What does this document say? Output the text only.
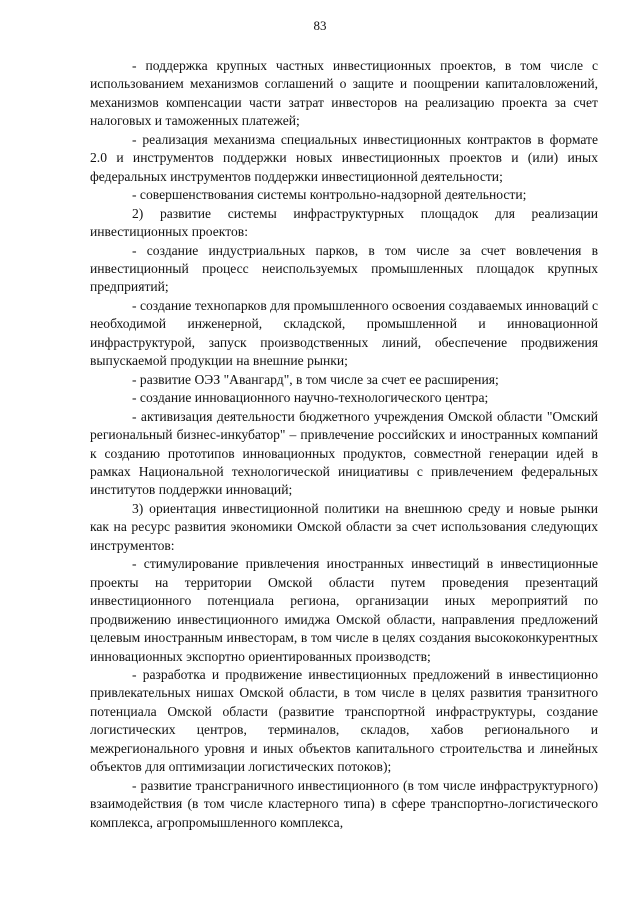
83

- поддержка крупных частных инвестиционных проектов, в том числе с использованием механизмов соглашений о защите и поощрении капиталовложений, механизмов компенсации части затрат инвесторов на реализацию проекта за счет налоговых и таможенных платежей;

- реализация механизма специальных инвестиционных контрактов в формате 2.0 и инструментов поддержки новых инвестиционных проектов и (или) иных федеральных инструментов поддержки инвестиционной деятельности;

- совершенствования системы контрольно-надзорной деятельности;

2) развитие системы инфраструктурных площадок для реализации инвестиционных проектов:

- создание индустриальных парков, в том числе за счет вовлечения в инвестиционный процесс неиспользуемых промышленных площадок крупных предприятий;

- создание технопарков для промышленного освоения создаваемых инноваций с необходимой инженерной, складской, промышленной и инновационной инфраструктурой, запуск производственных линий, обеспечение продвижения выпускаемой продукции на внешние рынки;

- развитие ОЭЗ "Авангард", в том числе за счет ее расширения;

- создание инновационного научно-технологического центра;

- активизация деятельности бюджетного учреждения Омской области "Омский региональный бизнес-инкубатор" – привлечение российских и иностранных компаний к созданию прототипов инновационных продуктов, совместной генерации идей в рамках Национальной технологической инициативы с привлечением федеральных институтов поддержки инноваций;

3) ориентация инвестиционной политики на внешнюю среду и новые рынки как на ресурс развития экономики Омской области за счет использования следующих инструментов:

- стимулирование привлечения иностранных инвестиций в инвестиционные проекты на территории Омской области путем проведения презентаций инвестиционного потенциала региона, организации иных мероприятий по продвижению инвестиционного имиджа Омской области, направления предложений целевым иностранным инвесторам, в том числе в целях создания высококонкурентных инновационных экспортно ориентированных производств;

- разработка и продвижение инвестиционных предложений в инвестиционно привлекательных нишах Омской области, в том числе в целях развития транзитного потенциала Омской области (развитие транспортной инфраструктуры, создание логистических центров, терминалов, складов, хабов регионального и межрегионального уровня и иных объектов капитального строительства и линейных объектов для оптимизации логистических потоков);

- развитие трансграничного инвестиционного (в том числе инфраструктурного) взаимодействия (в том числе кластерного типа) в сфере транспортно-логистического комплекса, агропромышленного комплекса,
